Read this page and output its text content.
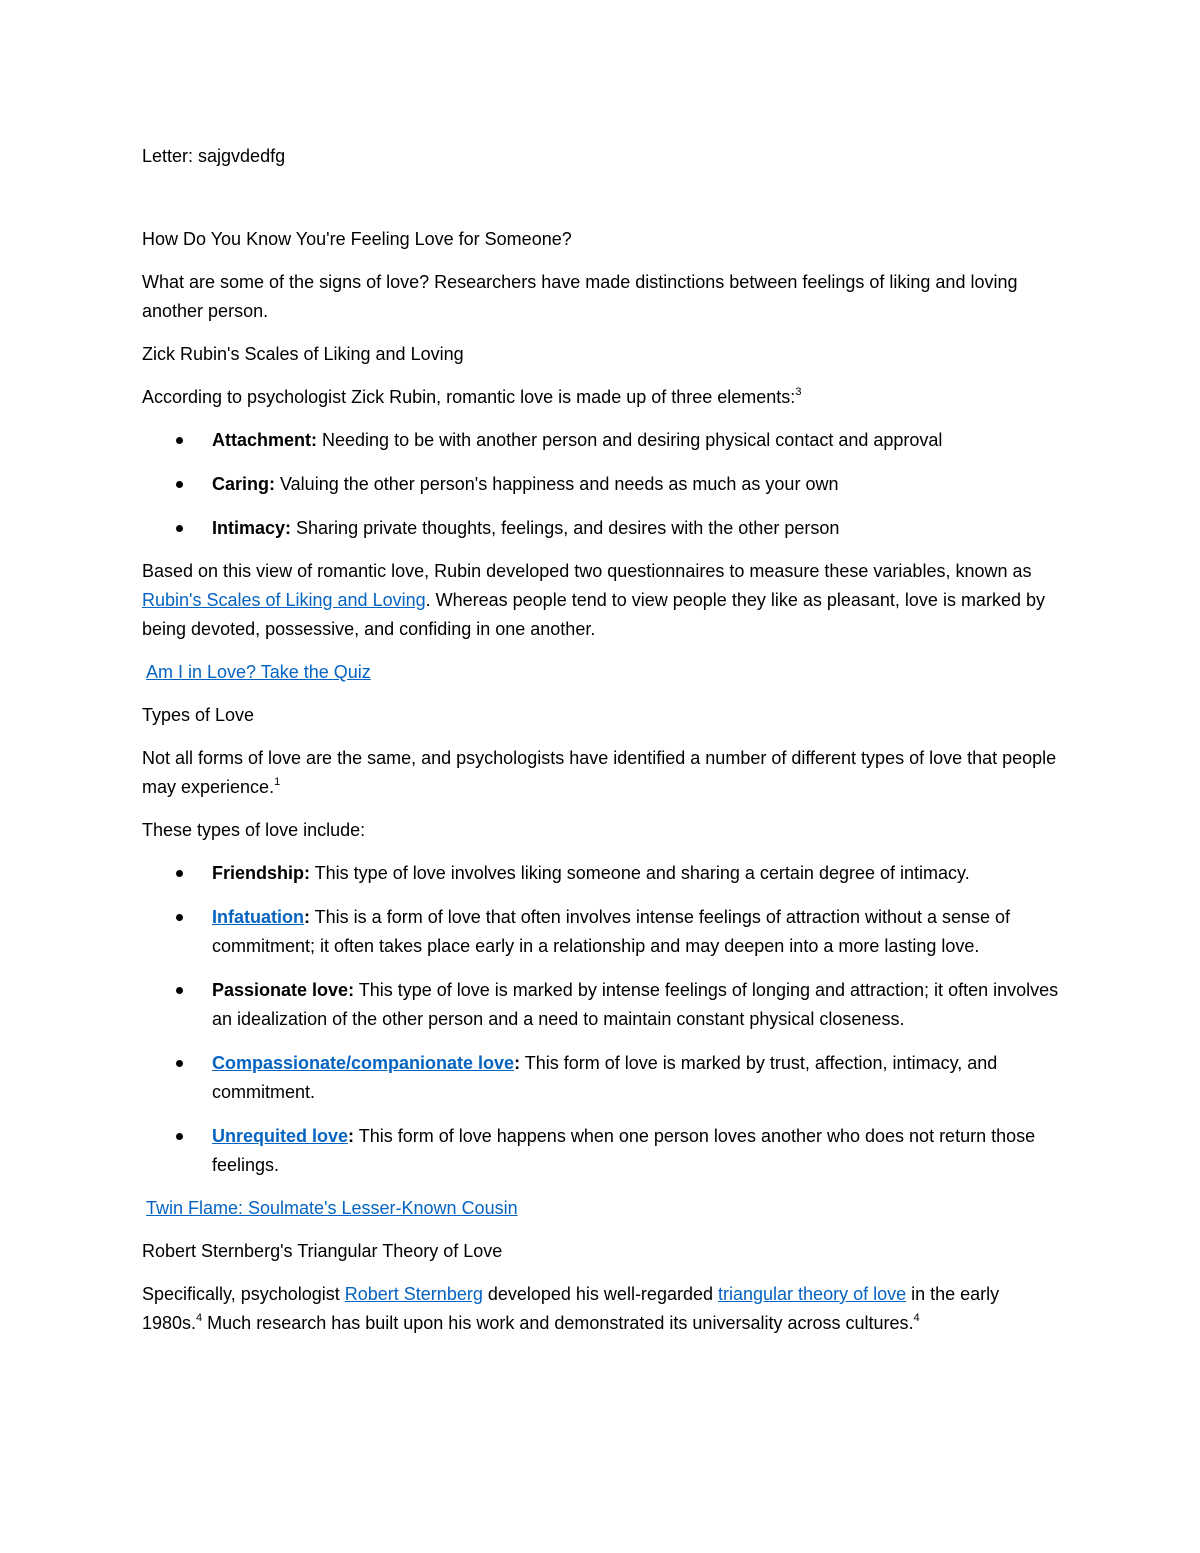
Letter: sajgvdedfg

How Do You Know You're Feeling Love for Someone?

What are some of the signs of love? Researchers have made distinctions between feelings of liking and loving another person.

Zick Rubin's Scales of Liking and Loving

According to psychologist Zick Rubin, romantic love is made up of three elements:$^3$

Attachment: Needing to be with another person and desiring physical contact and approval
Caring: Valuing the other person's happiness and needs as much as your own
Intimacy: Sharing private thoughts, feelings, and desires with the other person

Based on this view of romantic love, Rubin developed two questionnaires to measure these variables, known as Rubin's Scales of Liking and Loving. Whereas people tend to view people they like as pleasant, love is marked by being devoted, possessive, and confiding in one another.

Am I in Love? Take the Quiz

Types of Love

Not all forms of love are the same, and psychologists have identified a number of different types of love that people may experience.$^1$

These types of love include:

Friendship: This type of love involves liking someone and sharing a certain degree of intimacy.
Infatuation: This is a form of love that often involves intense feelings of attraction without a sense of commitment; it often takes place early in a relationship and may deepen into a more lasting love.
Passionate love: This type of love is marked by intense feelings of longing and attraction; it often involves an idealization of the other person and a need to maintain constant physical closeness.
Compassionate/companionate love: This form of love is marked by trust, affection, intimacy, and commitment.
Unrequited love: This form of love happens when one person loves another who does not return those feelings.

Twin Flame: Soulmate's Lesser-Known Cousin

Robert Sternberg's Triangular Theory of Love

Specifically, psychologist Robert Sternberg developed his well-regarded triangular theory of love in the early 1980s.$^4$ Much research has built upon his work and demonstrated its universality across cultures.$^4$
